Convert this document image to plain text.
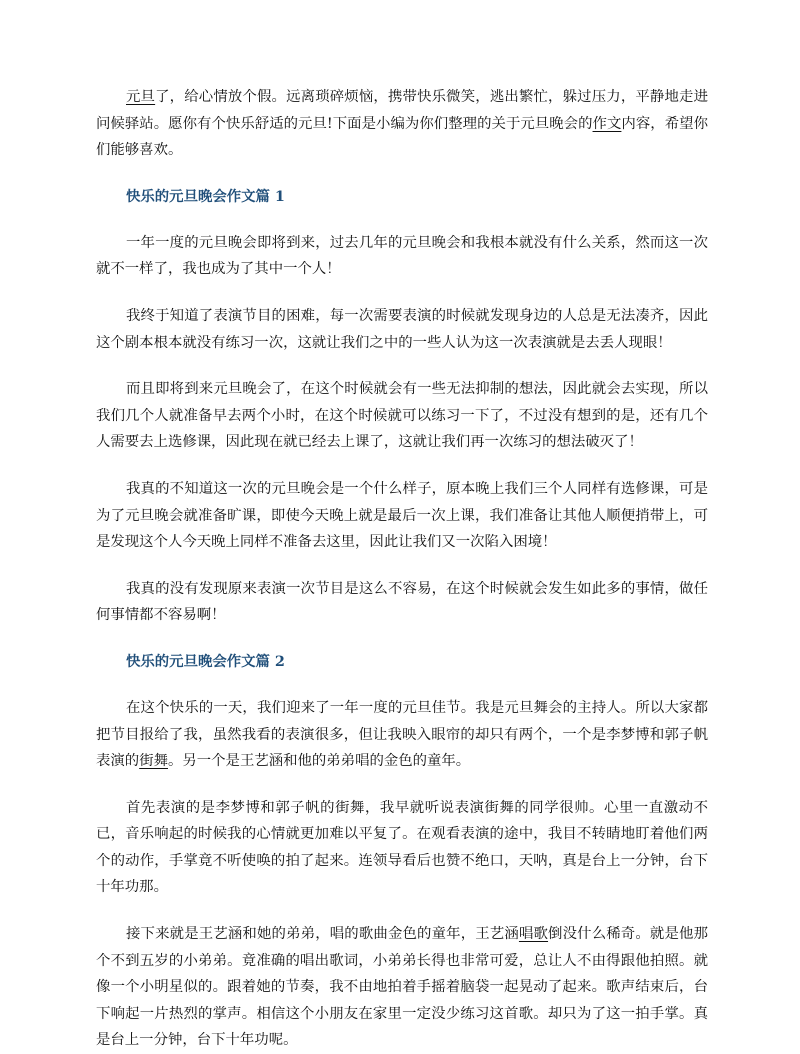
元旦了，给心情放个假。远离琐碎烦恼，携带快乐微笑，逃出繁忙，躲过压力，平静地走进问候驿站。愿你有个快乐舒适的元旦!下面是小编为你们整理的关于元旦晚会的作文内容，希望你们能够喜欢。

快乐的元旦晚会作文篇 1

一年一度的元旦晚会即将到来，过去几年的元旦晚会和我根本就没有什么关系，然而这一次就不一样了，我也成为了其中一个人！

我终于知道了表演节目的困难，每一次需要表演的时候就发现身边的人总是无法凑齐，因此这个剧本根本就没有练习一次，这就让我们之中的一些人认为这一次表演就是去丢人现眼！

而且即将到来元旦晚会了，在这个时候就会有一些无法抑制的想法，因此就会去实现，所以我们几个人就准备早去两个小时，在这个时候就可以练习一下了，不过没有想到的是，还有几个人需要去上选修课，因此现在就已经去上课了，这就让我们再一次练习的想法破灭了！

我真的不知道这一次的元旦晚会是一个什么样子，原本晚上我们三个人同样有选修课，可是为了元旦晚会就准备旷课，即使今天晚上就是最后一次上课，我们准备让其他人顺便捎带上，可是发现这个人今天晚上同样不准备去这里，因此让我们又一次陷入困境！

我真的没有发现原来表演一次节目是这么不容易，在这个时候就会发生如此多的事情，做任何事情都不容易啊！

快乐的元旦晚会作文篇 2

在这个快乐的一天，我们迎来了一年一度的元旦佳节。我是元旦舞会的主持人。所以大家都把节目报给了我，虽然我看的表演很多，但让我映入眼帘的却只有两个，一个是李梦博和郭子帆表演的街舞。另一个是王艺涵和他的弟弟唱的金色的童年。

首先表演的是李梦博和郭子帆的街舞，我早就听说表演街舞的同学很帅。心里一直激动不已，音乐响起的时候我的心情就更加难以平复了。在观看表演的途中，我目不转睛地盯着他们两个的动作，手掌竟不听使唤的拍了起来。连领导看后也赞不绝口，天呐，真是台上一分钟，台下十年功那。

接下来就是王艺涵和她的弟弟，唱的歌曲金色的童年，王艺涵唱歌倒没什么稀奇。就是他那个不到五岁的小弟弟。竟准确的唱出歌词，小弟弟长得也非常可爱，总让人不由得跟他拍照。就像一个小明星似的。跟着她的节奏，我不由地拍着手摇着脑袋一起晃动了起来。歌声结束后，台下响起一片热烈的掌声。相信这个小朋友在家里一定没少练习这首歌。却只为了这一拍手掌。真是台上一分钟，台下十年功呢。
